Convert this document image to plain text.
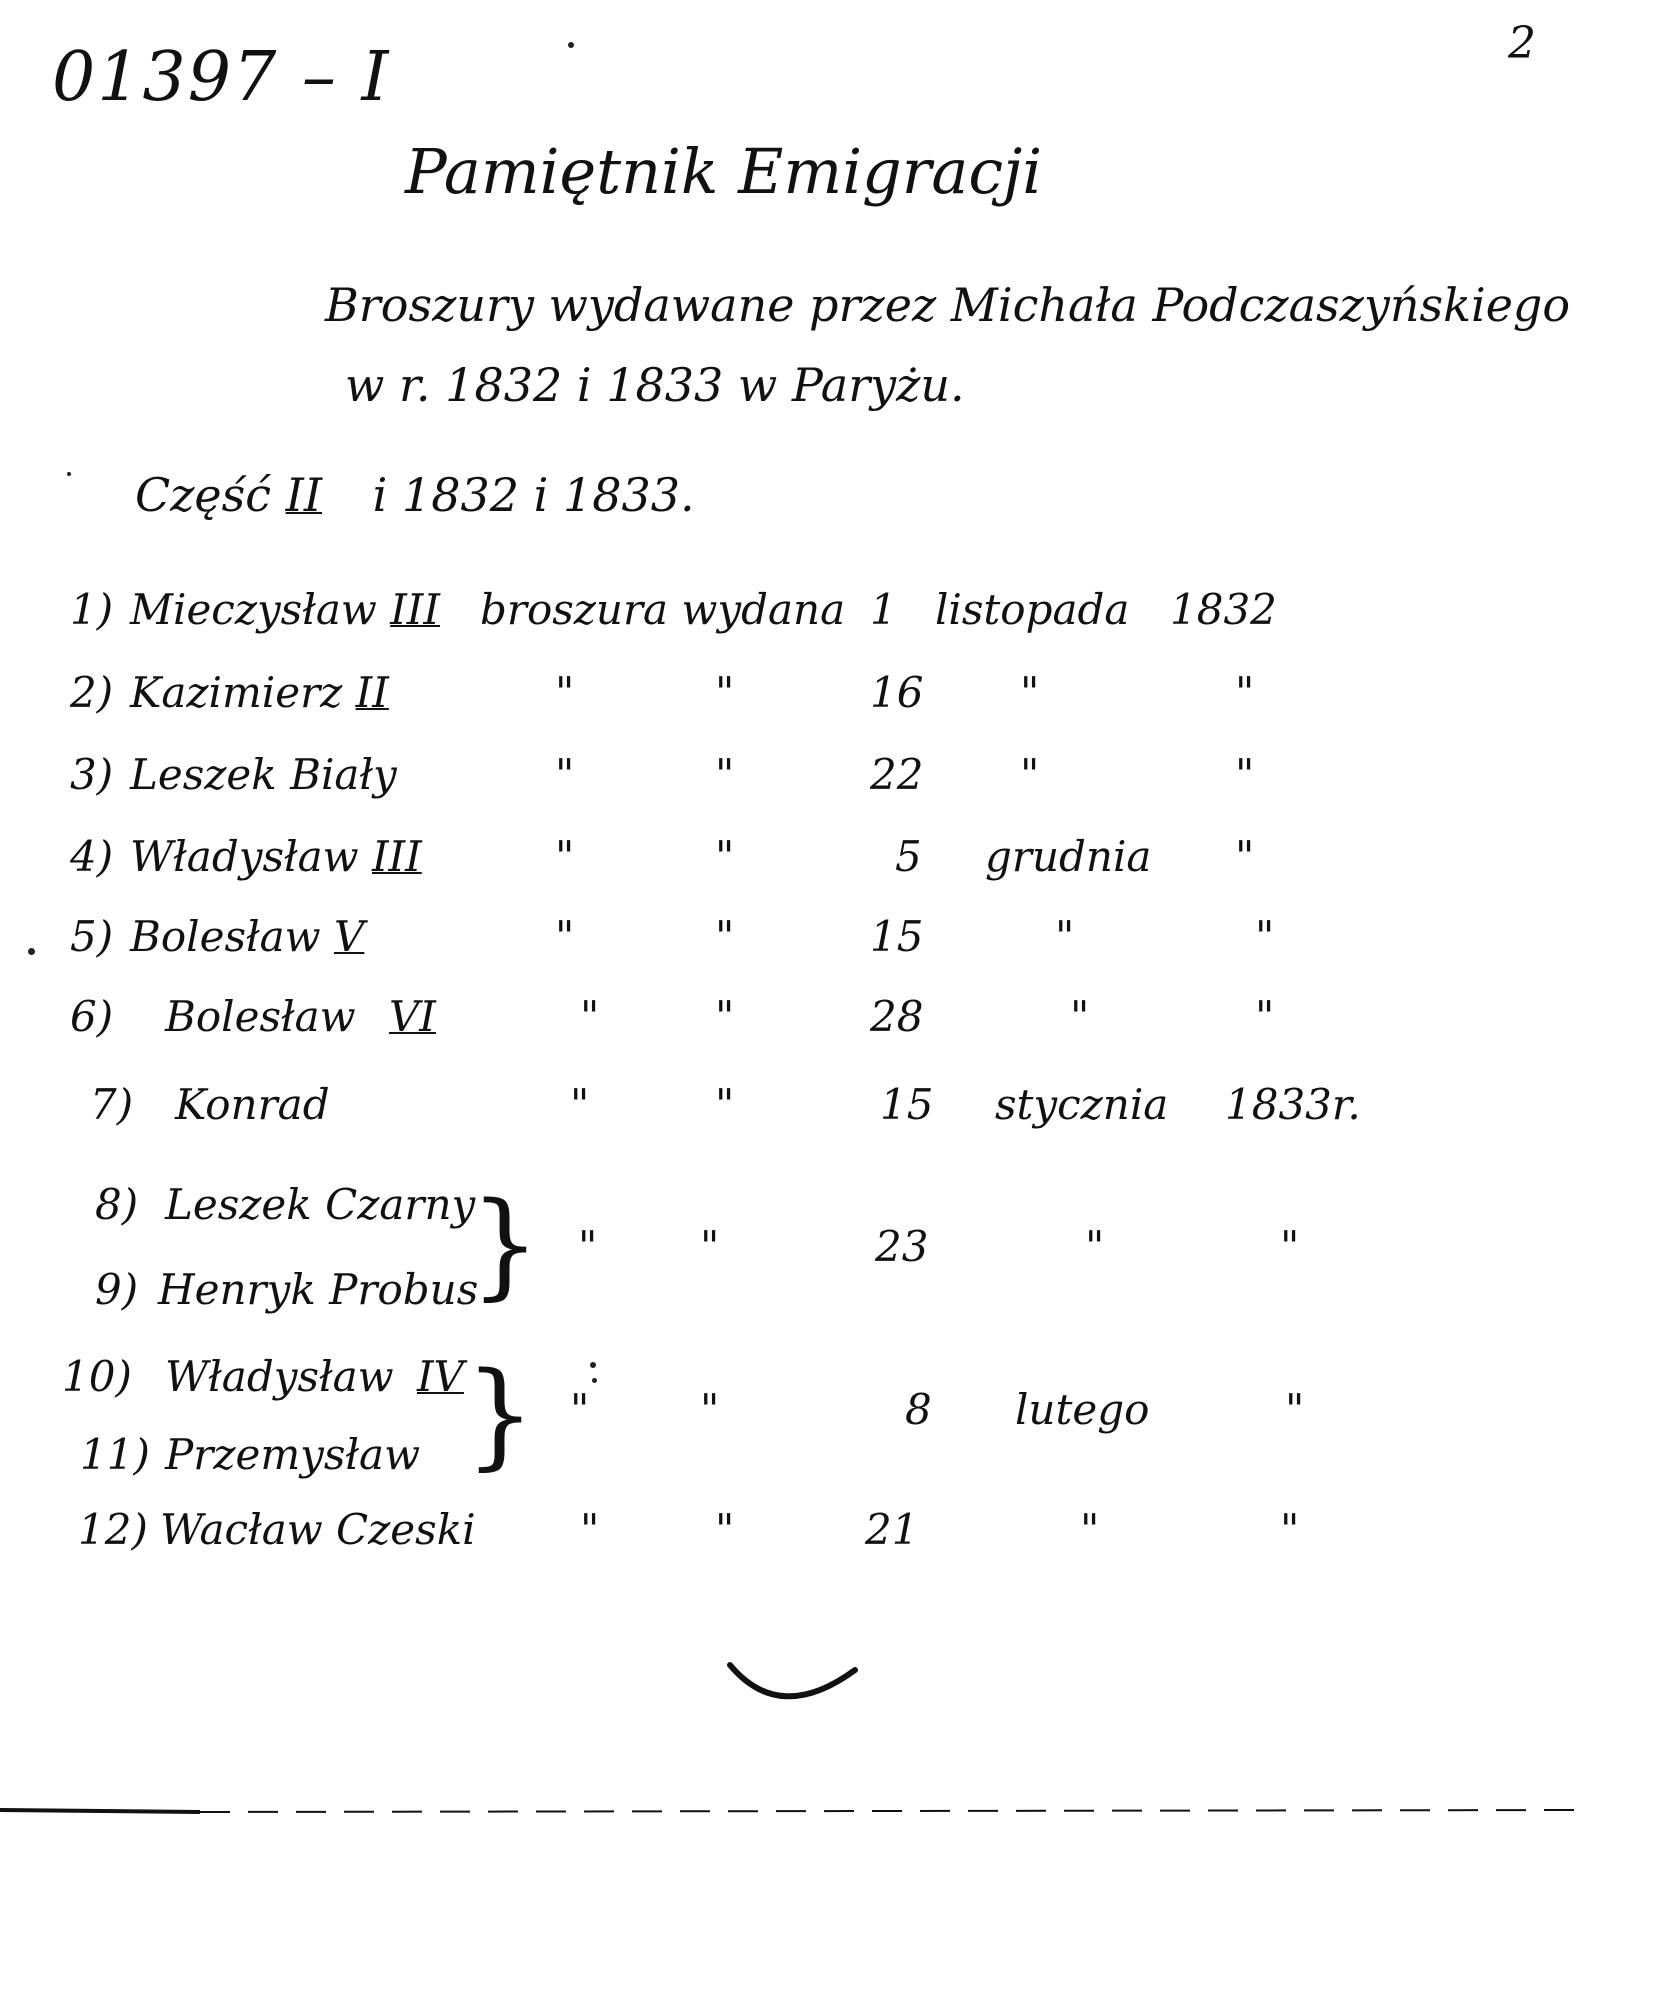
01397 – I	2
Pamiętnik Emigracji
Broszury wydawane przez Michała Podczaszyńskiego
w r. 1832 i 1833 w Paryżu.
Część II i 1832 i 1833.
1) Mieczysław III broszura wydana 1 listopada 1832
2) Kazimierz II	"	"	16 "	"
3) Leszek Biały	"	"	22 "	"
4) Władysław III	"	"	5 grudnia "
5) Bolesław V	"	"	15	"	"
6) Bolesław VI	"	"	28	"	"
7) Konrad	"	"	15 stycznia 1833r.
8) Leszek Czarny
9) Henryk Probus
} " "	23	"	"
10) Władysław IV
11) Przemysław } "	"	8 lutego	"
12) Wacław Czeski "	"	21	"	"
